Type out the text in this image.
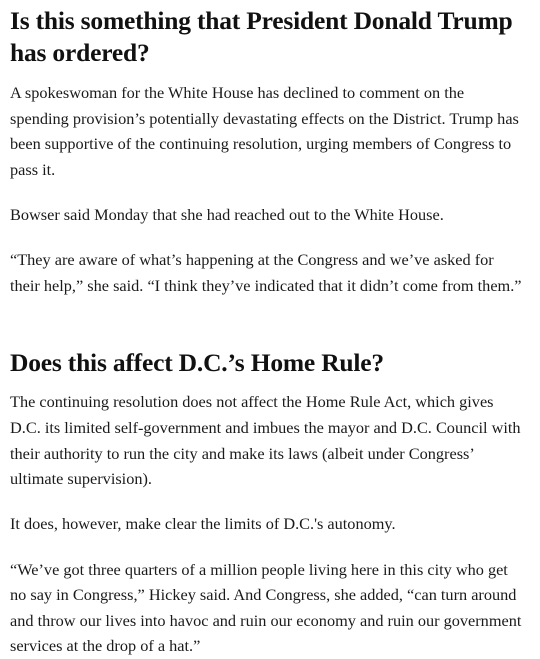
Is this something that President Donald Trump has ordered?

A spokeswoman for the White House has declined to comment on the spending provision’s potentially devastating effects on the District. Trump has been supportive of the continuing resolution, urging members of Congress to pass it.

Bowser said Monday that she had reached out to the White House.

“They are aware of what’s happening at the Congress and we’ve asked for their help,” she said. “I think they’ve indicated that it didn’t come from them.”

Does this affect D.C.’s Home Rule?

The continuing resolution does not affect the Home Rule Act, which gives D.C. its limited self-government and imbues the mayor and D.C. Council with their authority to run the city and make its laws (albeit under Congress’ ultimate supervision).

It does, however, make clear the limits of D.C.'s autonomy.

“We’ve got three quarters of a million people living here in this city who get no say in Congress,” Hickey said. And Congress, she added, “can turn around and throw our lives into havoc and ruin our economy and ruin our government services at the drop of a hat.”
